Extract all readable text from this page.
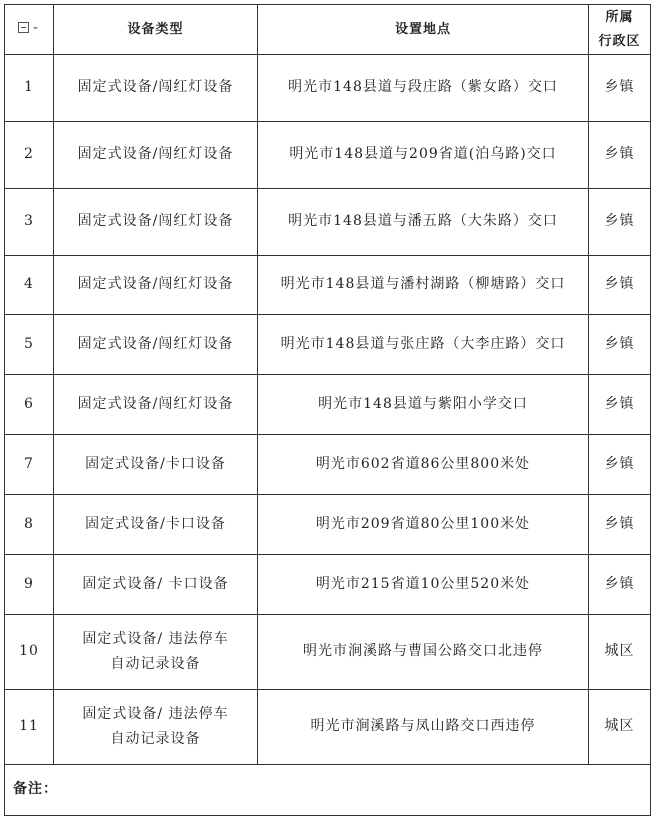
⌄	设备类型	设置地点	所属
行政区

1	固定式设备/闯红灯设备	明光市148县道与段庄路（紫女路）交口	乡镇
2	固定式设备/闯红灯设备	明光市148县道与209省道(泊乌路)交口	乡镇
3	固定式设备/闯红灯设备	明光市148县道与潘五路（大朱路）交口	乡镇
4	固定式设备/闯红灯设备	明光市148县道与潘村湖路（柳塘路）交口	乡镇
5	固定式设备/闯红灯设备	明光市148县道与张庄路（大李庄路）交口	乡镇
6	固定式设备/闯红灯设备	明光市148县道与紫阳小学交口	乡镇
7	固定式设备/卡口设备	明光市602省道86公里800米处	乡镇
8	固定式设备/卡口设备	明光市209省道80公里100米处	乡镇
9	固定式设备/ 卡口设备	明光市215省道10公里520米处	乡镇
10	固定式设备/ 违法停车
自动记录设备	明光市涧溪路与曹国公路交口北违停	城区
11	固定式设备/ 违法停车
自动记录设备	明光市涧溪路与凤山路交口西违停	城区
备注：			
